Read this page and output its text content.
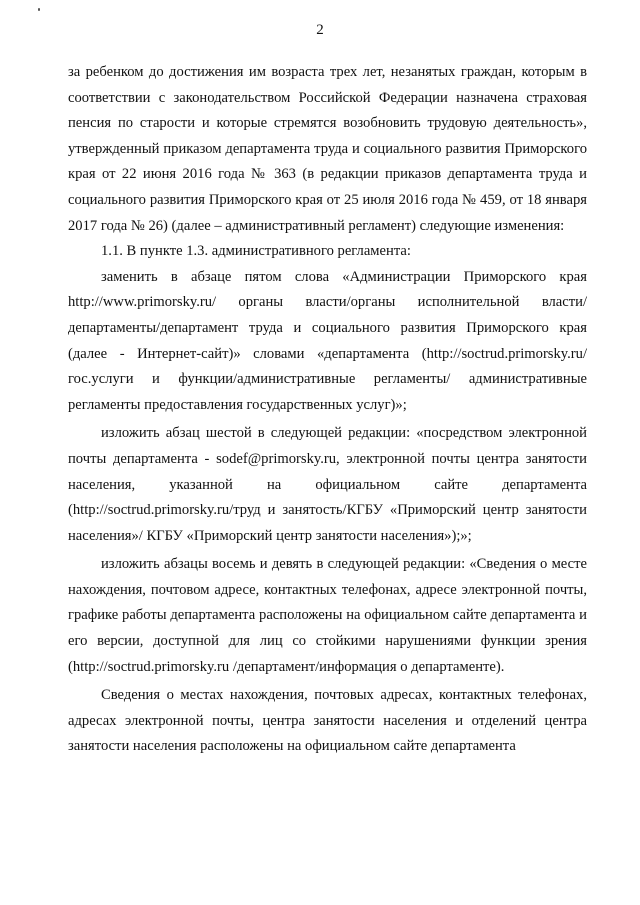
2

за ребенком до достижения им возраста трех лет, незанятых граждан, которым в соответствии с законодательством Российской Федерации назначена страховая пенсия по старости и которые стремятся возобновить трудовую деятельность», утвержденный приказом департамента труда и социального развития Приморского края от 22 июня 2016 года № 363 (в редакции приказов департамента труда и социального развития Приморского края от 25 июля 2016 года № 459, от 18 января 2017 года № 26) (далее – административный регламент) следующие изменения:

1.1. В пункте 1.3. административного регламента:

заменить в абзаце пятом слова «Администрации Приморского края http://www.primorsky.ru/ органы власти/органы исполнительной власти/департаменты/департамент труда и социального развития Приморского края (далее - Интернет-сайт)» словами «департамента (http://soctrud.primorsky.ru/гос.услуги и функции/административные регламенты/ административные регламенты предоставления государственных услуг)»;

изложить абзац шестой в следующей редакции: «посредством электронной почты департамента - sodef@primorsky.ru, электронной почты центра занятости населения, указанной на официальном сайте департамента (http://soctrud.primorsky.ru/труд и занятость/КГБУ «Приморский центр занятости населения»/ КГБУ «Приморский центр занятости населения»);»;

изложить абзацы восемь и девять в следующей редакции: «Сведения о месте нахождения, почтовом адресе, контактных телефонах, адресе электронной почты, графике работы департамента расположены на официальном сайте департамента и его версии, доступной для лиц со стойкими нарушениями функции зрения (http://soctrud.primorsky.ru /департамент/информация о департаменте).

Сведения о местах нахождения, почтовых адресах, контактных телефонах, адресах электронной почты, центра занятости населения и отделений центра занятости населения расположены на официальном сайте департамента
